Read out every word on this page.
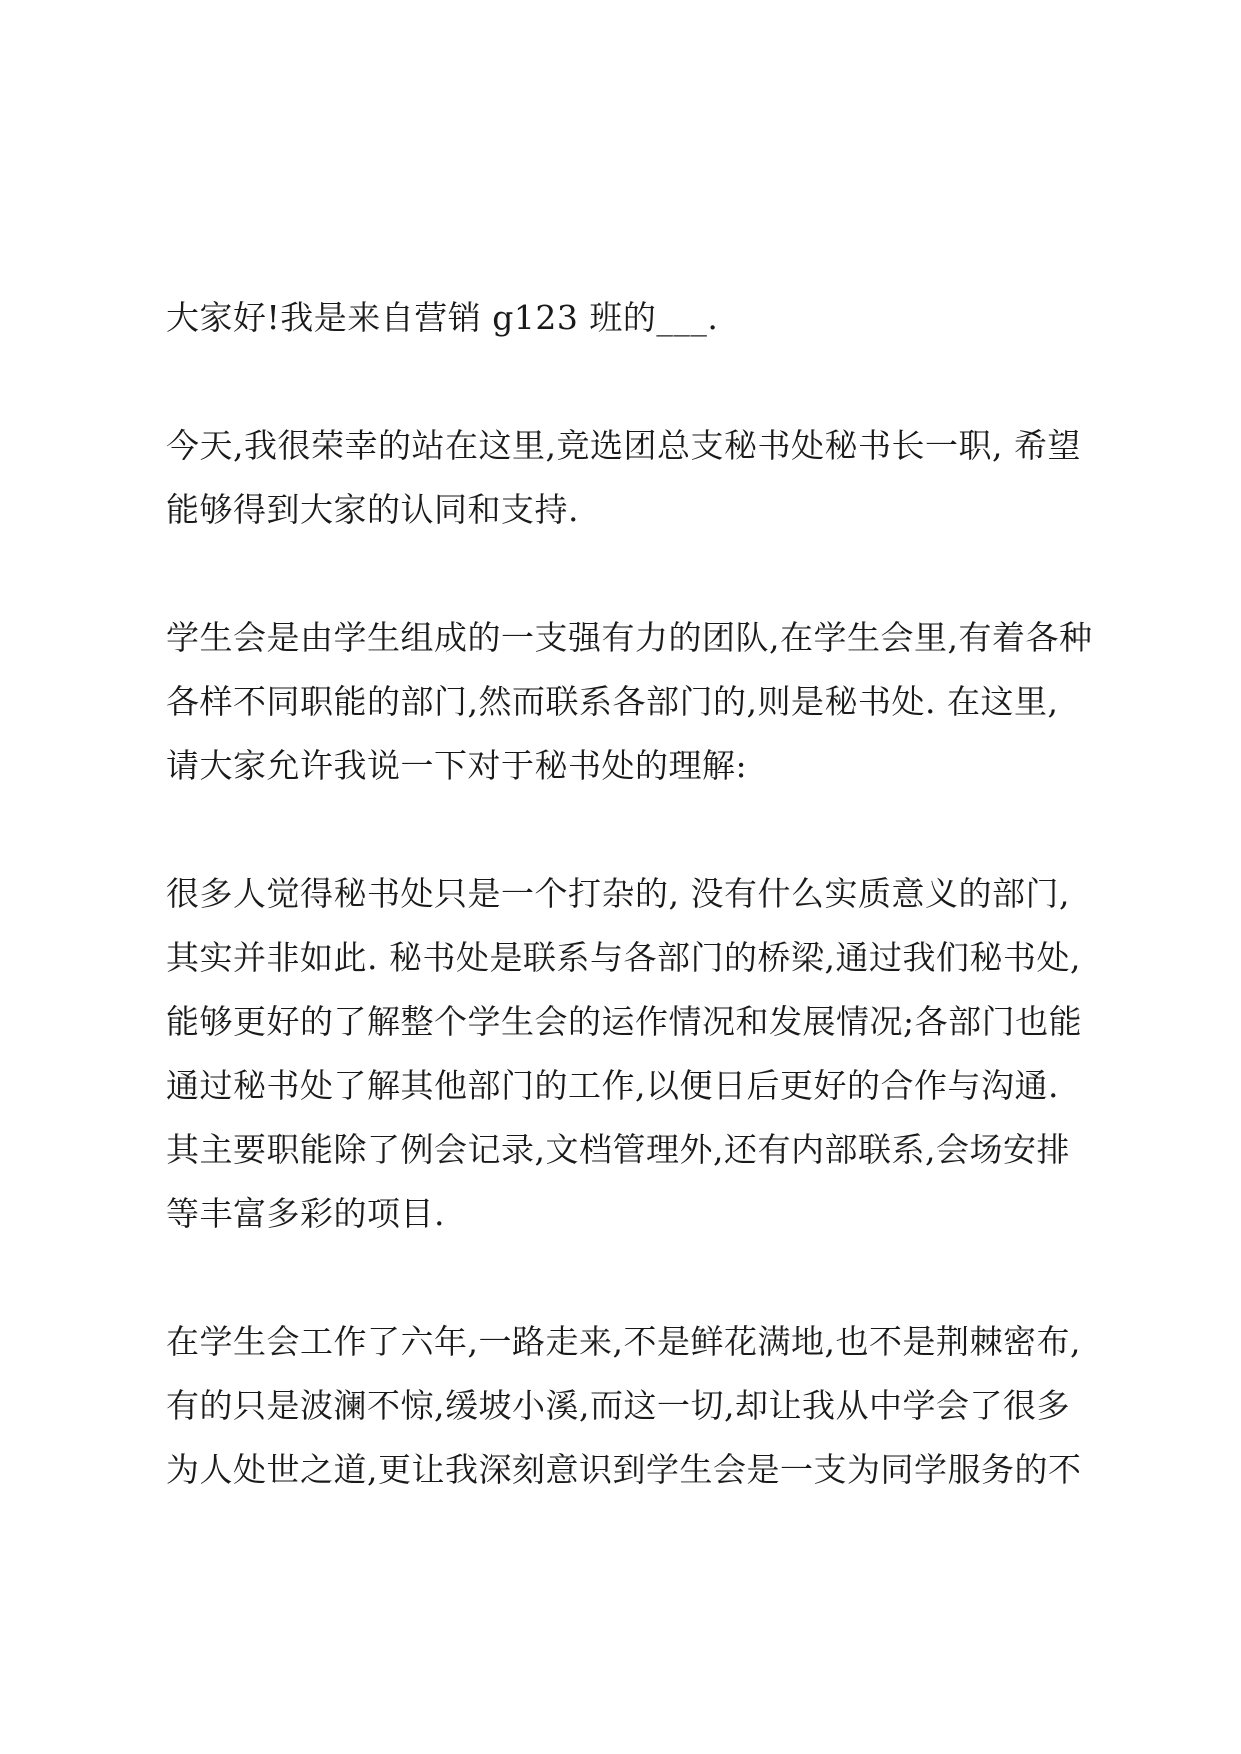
大家好!我是来自营销 g123 班的___.
今天,我很荣幸的站在这里,竞选团总支秘书处秘书长一职, 希望
能够得到大家的认同和支持.
学生会是由学生组成的一支强有力的团队,在学生会里,有着各种
各样不同职能的部门,然而联系各部门的,则是秘书处. 在这里,
请大家允许我说一下对于秘书处的理解:
很多人觉得秘书处只是一个打杂的, 没有什么实质意义的部门,
其实并非如此. 秘书处是联系与各部门的桥梁,通过我们秘书处,
能够更好的了解整个学生会的运作情况和发展情况;各部门也能
通过秘书处了解其他部门的工作,以便日后更好的合作与沟通.
其主要职能除了例会记录,文档管理外,还有内部联系,会场安排
等丰富多彩的项目.
在学生会工作了六年,一路走来,不是鲜花满地,也不是荆棘密布,
有的只是波澜不惊,缓坡小溪,而这一切,却让我从中学会了很多
为人处世之道,更让我深刻意识到学生会是一支为同学服务的不
